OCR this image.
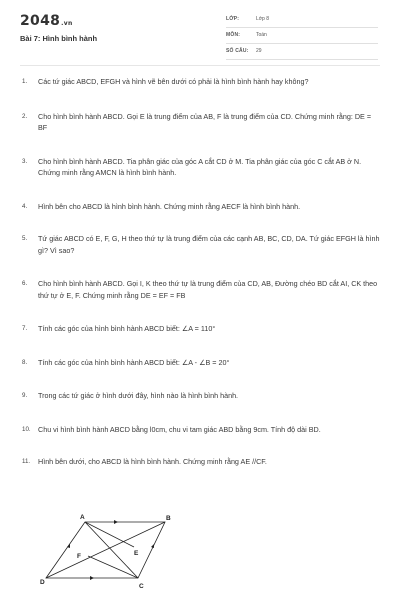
2048.vn
Bài 7: Hình bình hành
LỚP:	Lớp 8
MÔN:	Toán
SỐ CÂU: 29
1. Các tứ giác ABCD, EFGH và hình vẽ bên dưới có phải là hình bình hành hay không?
2. Cho hình bình hành ABCD. Gọi E là trung điểm của AB, F là trung điểm của CD. Chứng minh rằng: DE = BF
3. Cho hình bình hành ABCD. Tia phân giác của góc A cắt CD ở M. Tia phân giác của góc C cắt AB ở N. Chứng minh rằng AMCN là hình bình hành.
4. Hình bên cho ABCD là hình bình hành. Chứng minh rằng AECF là hình bình hành.
5. Tứ giác ABCD có E, F, G, H theo thứ tự là trung điểm của các cạnh AB, BC, CD, DA. Tứ giác EFGH là hình gì? Vì sao?
6. Cho hình bình hành ABCD. Gọi I, K theo thứ tự là trung điểm của CD, AB, Đường chéo BD cắt AI, CK theo thứ tự ở E, F. Chứng minh rằng DE = EF = FB
7. Tính các góc của hình bình hành ABCD biết: ∠A = 110°
8. Tính các góc của hình bình hành ABCD biết: ∠A - ∠B = 20°
9. Trong các tứ giác ở hình dưới đây, hình nào là hình bình hành.
10. Chu vi hình bình hành ABCD bằng l0cm, chu vi tam giác ABD bằng 9cm. Tính độ dài BD.
11. Hình bên dưới, cho ABCD là hình bình hành. Chứng minh rằng AE //CF.
A	B
C
D
E
F
